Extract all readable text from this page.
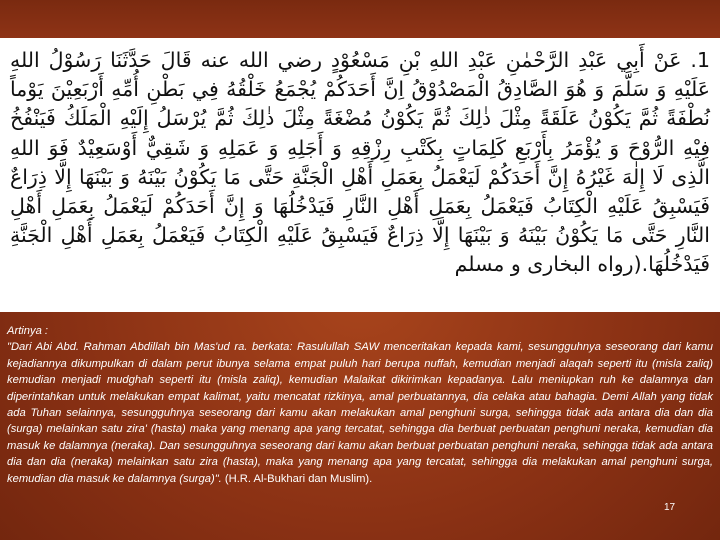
1. عَنْ أَبِي عَبْدِ الرَّحْمٰنِ عَبْدِ اللهِ بْنِ مَسْعُوْدٍ رضي الله عنه قَالَ حَدَّثَنَا رَسُوْلُ اللهِ عَلَيْهِ وَ سَلَّمَ وَ هُوَ الصَّادِقُ الْمَصْدُوْقُ اِنَّ أَحَدَكُمْ يُجْمَعُ خَلْقُهُ فِي بَطْنِ أُمِّهِ أَرْبَعِيْنَ يَوْماً نُطْفَةً ثُمَّ يَكُوْنُ عَلَقَةً مِثْلَ ذٰلِكَ ثُمَّ يَكُوْنُ مُضْغَةً مِثْلَ ذٰلِكَ ثُمَّ يُرْسَلُ إِلَيْهِ الْمَلَكُ فَيَنْفُخُ فِيْهِ الرُّوْحَ وَ يُؤْمَرُ بِأَرْبَعِ كَلِمَاتٍ بِكَتْبِ رِزْقِهِ وَ أَجَلِهِ وَ عَمَلِهِ وَ شَقِيٌّ أَوْسَعِيْدٌ فَوَ اللهِ الَّذِى لَا إِلٰهَ غَيْرُهُ إِنَّ أَحَدَكُمْ لَيَعْمَلُ بِعَمَلِ أَهْلِ الْجَنَّةِ حَتَّى مَا يَكُوْنُ بَيْنَهُ وَ بَيْنَهَا إِلَّا ذِرَاعٌ فَيَسْبِقُ عَلَيْهِ الْكِتَابُ فَيَعْمَلُ بِعَمَلِ أَهْلِ النَّارِ فَيَدْخُلُهَا وَ إِنَّ أَحَدَكُمْ لَيَعْمَلُ بِعَمَلِ أَهْلِ النَّارِ حَتَّى مَا يَكُوْنُ بَيْنَهُ وَ بَيْنَهَا إِلَّا ذِرَاعٌ فَيَسْبِقُ عَلَيْهِ الْكِتَابُ فَيَعْمَلُ بِعَمَلِ أَهْلِ الْجَنَّةِ فَيَدْخُلُهَا.(رواه البخارى و مسلم

Artinya :
"Dari Abi Abd. Rahman Abdillah bin Mas'ud ra. berkata: Rasulullah SAW menceritakan kepada kami, sesungguhnya seseorang dari kamu kejadiannya dikumpulkan di dalam perut ibunya selama empat puluh hari berupa nuffah, kemudian menjadi alaqah seperti itu (misla zaliq) kemudian menjadi mudghah seperti itu (misla zaliq), kemudian Malaikat dikirimkan kepadanya. Lalu meniupkan ruh ke dalamnya dan diperintahkan untuk melakukan empat kalimat, yaitu mencatat rizkinya, amal perbuatannya, dia celaka atau bahagia. Demi Allah yang tidak ada Tuhan selainnya, sesungguhnya seseorang dari kamu akan melakukan amal penghuni surga, sehingga tidak ada antara dia dan dia (surga) melainkan satu zira' (hasta) maka yang menang apa yang tercatat, sehingga dia berbuat perbuatan penghuni neraka, kemudian dia masuk ke dalamnya (neraka). Dan sesungguhnya seseorang dari kamu akan berbuat perbuatan penghuni neraka, sehingga tidak ada antara dia dan dia (neraka) melainkan satu zira (hasta), maka yang menang apa yang tercatat, sehingga dia melakukan amal penghuni surga, kemudian dia masuk ke dalamnya (surga)". (H.R. Al-Bukhari dan Muslim).
17
